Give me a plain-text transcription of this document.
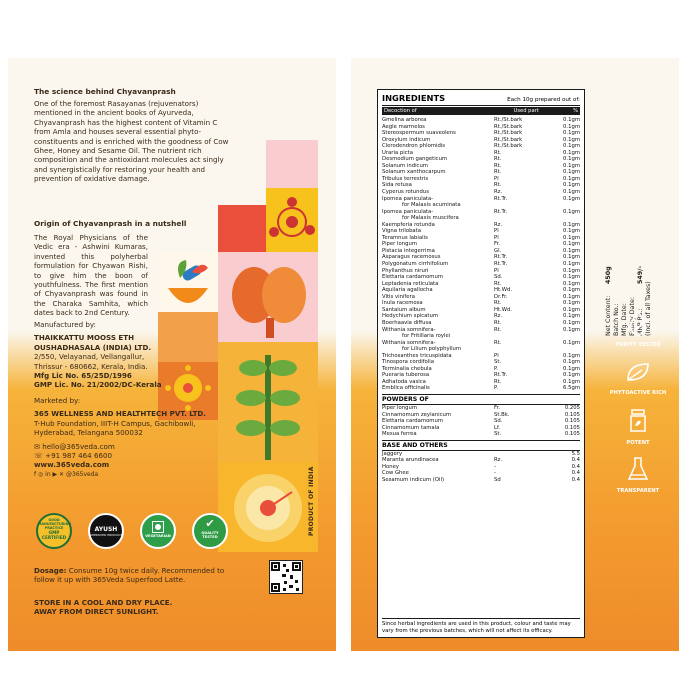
The science behind Chyavanprash
One of the foremost Rasayanas (rejuvenators) mentioned in the ancient books of Ayurveda, Chyavanprash has the highest content of Vitamin C from Amla and houses several essential phyto-constituents and is enriched with the goodness of Cow Ghee, Honey and Sesame Oil. The nutrient rich composition and the antioxidant molecules act singly and synergistically for restoring your health and prevention of oxidative damage.
Origin of Chyavanprash in a nutshell
The Royal Physicians of the Vedic era - Ashwini Kumaras, invented this polyherbal formulation for Chyawan Rishi, to give him the boon of youthfulness. The first mention of Chyavanprash was found in the Charaka Samhita, which dates back to 2nd Century.
Manufactured by:
THAIKKATTU MOOSS ETH
OUSHADHASALA (INDIA) LTD.
2/550, Velayanad, Vellangallur,
Thrissur - 680662, Kerala, India.
Mfg Lic No. 65/25D/1996
GMP Lic. No. 21/2002/DC-Kerala
Marketed by:
365 WELLNESS AND HEALTHTECH PVT. LTD.
T-Hub Foundation, IIIT-H Campus, Gachibowli,
Hyderabad, Telangana 500032
✉ hello@365veda.com
☏ +91 987 464 6600
www.365veda.com
f ◎ in ▶ ✕ @365veda
GOOD MANUFACTURING PRACTICE
GMP CERTIFIED
AYUSH
APPROVED PRODUCT	VEGETARIAN
✔
QUALITY TESTED
Dosage: Consume 10g twice daily. Recommended to follow it up with 365Veda Superfood Latte.
STORE IN A COOL AND DRY PLACE.
AWAY FROM DIRECT SUNLIGHT.
PRODUCT OF INDIA
INGREDIENTS	Each 10g prepared out of:
Decoction of	Used part	%
Gmelina arborea	Rt./St.bark	0.1gm
Aegle marmelos	Rt./St.bark	0.1gm
Stereospermum suaveolens	Rt./St.bark	0.1gm
Oroxylum indicum	Rt./St.bark	0.1gm
Clerodendron phlomidis	Rt./St.bark	0.1gm
Uraria picta	Rt.	0.1gm
Desmodium gangeticum	Rt.	0.1gm
Solanum indicum	Rt.	0.1gm
Solanum xanthocarpum	Rt.	0.1gm
Tribulus terrestris	Pl	0.1gm
Sida retusa	Rt.	0.1gm
Cyperus rotundus	Rz.	0.1gm
Ipomea paniculata-	Rt.Tr.	0.1gm
for Malaxis acuminata
Ipomea paniculata-	Rt.Tr.	0.1gm
for Malaxis muscifera
Kaempferia rotunda	Rz.	0.1gm
Vigna trilobata	Pl	0.1gm
Teramnus labialis	Pl	0.1gm
Piper longum	Fr.	0.1gm
Pistacia integerrima	Gl.	0.1gm
Asparagus racemosus	Rt.Tr.	0.1gm
Polygonatum cirrhifolium	Rt.Tr.	0.1gm
Phyllanthus niruri	Pl	0.1gm
Elettaria cardamomum	Sd.	0.1gm
Leptadenia reticulata	Rt.	0.1gm
Aquilaria agallocha	Ht.Wd.	0.1gm
Vitis vinifera	Dr.Fr.	0.1gm
Inula racemosa	Rt.	0.1gm
Santalum album	Ht.Wd.	0.1gm
Hedychium spicatum	Rz.	0.1gm
Boerhaavia diffusa	Rt.	0.1gm
Withania somnifera-	Rt.	0.1gm
for Fritillaria roylei
Withania somnifera-	Rt.	0.1gm
for Lilium polyphyllum
Trichosanthes tricuspidata	Pl	0.1gm
Tinospora cordifolia	St.	0.1gm
Terminalia chebula	P.	0.1gm
Pueraria tuberosa	Rt.Tr.	0.1gm
Adhatoda vasica	Rt.	0.1gm
Emblica officinalis	P.	6.5gm
POWDERS OF
Piper longum	Fr.	0.205
Cinnamomum zeylanicum	St.Bk.	0.105
Elettaria cardamomum	Sd.	0.105
Cinnamomum tamala	Lf.	0.105
Mesua ferrea	St.	0.105
BASE AND OTHERS
Jaggery	5.5
Maranta arundinacea	Rz.	0.4
Honey	-	0.4
Cow Ghee	-	0.4
Sesamum indicum (Oil)	Sd	0.4
Since herbal ingredients are used in this product, colour and taste may vary from the previous batches, which will not affect its efficacy.
Net Content:
450g
Batch No.: Mfg. Date: Expiry Date: MRP Rs.:
549/-
(Incl. of all Taxes)
PURITY TESTED
PHYTOACTIVE RICH
POTENT
TRANSPARENT
